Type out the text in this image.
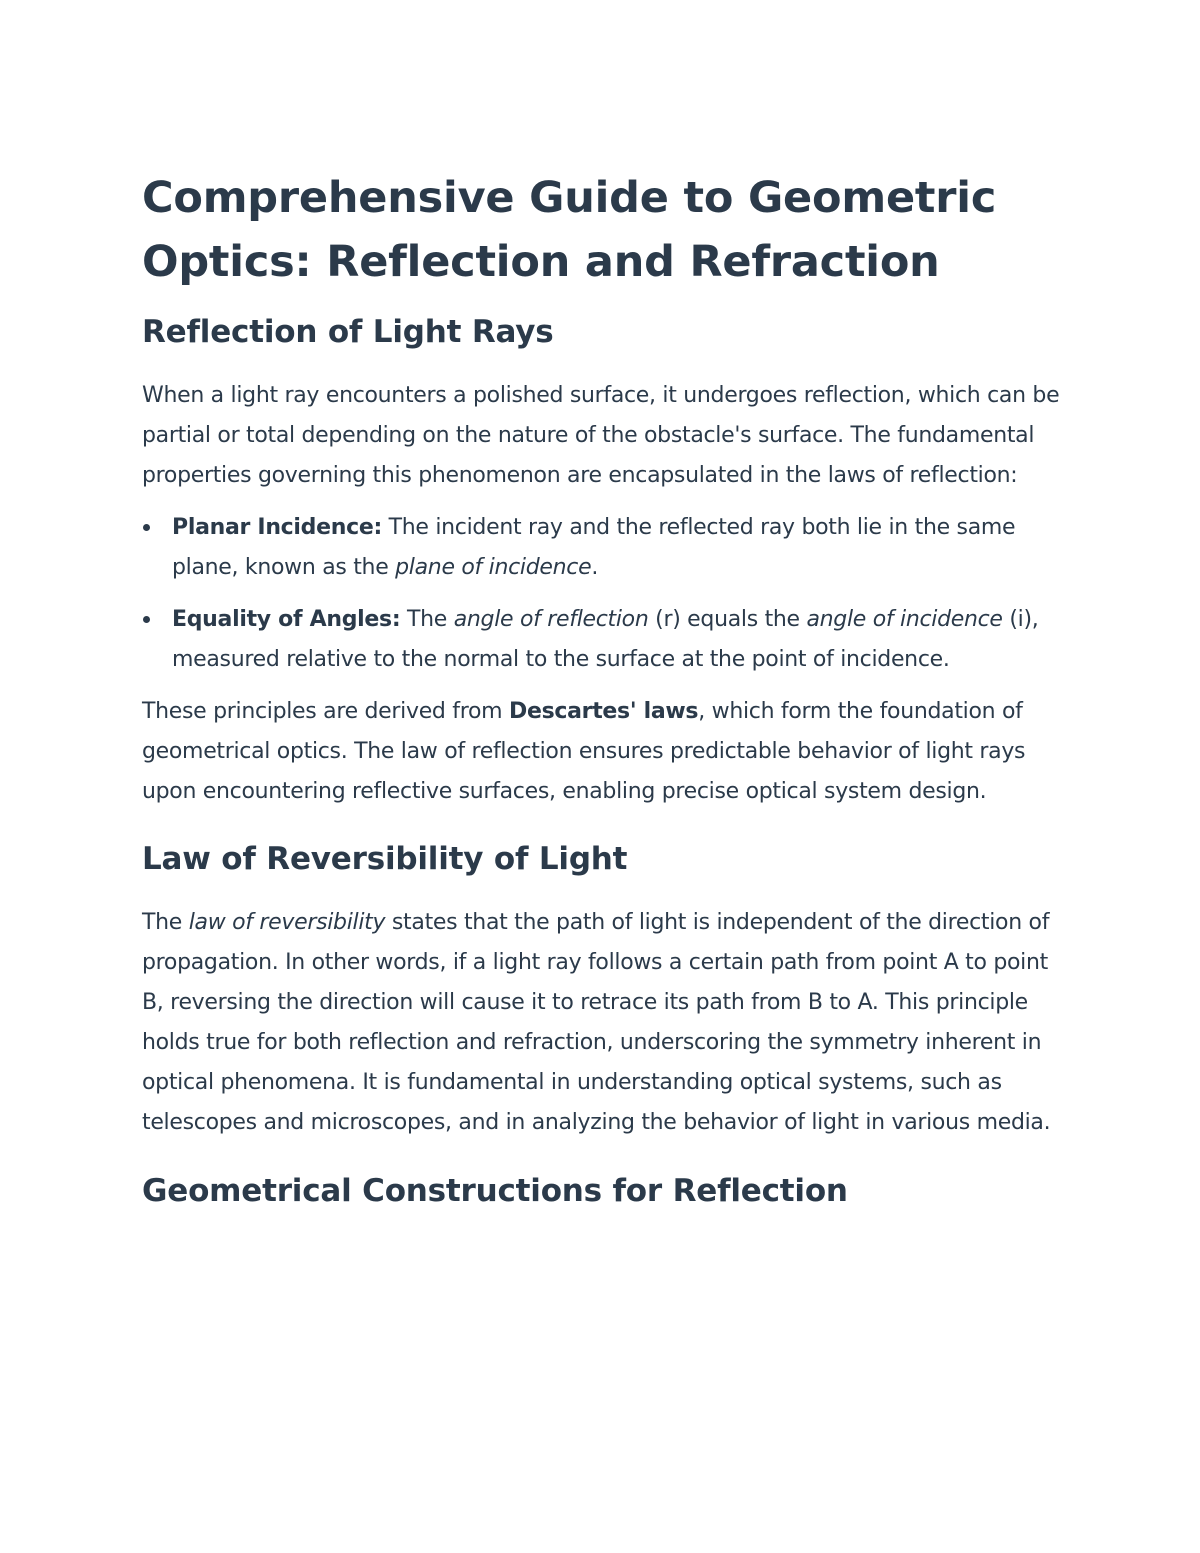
Comprehensive Guide to Geometric Optics: Reflection and Refraction
Reflection of Light Rays

When a light ray encounters a polished surface, it undergoes reflection, which can be partial or total depending on the nature of the obstacle's surface. The fundamental properties governing this phenomenon are encapsulated in the laws of reflection:

Planar Incidence: The incident ray and the reflected ray both lie in the same plane, known as the plane of incidence.
Equality of Angles: The angle of reflection (r) equals the angle of incidence (i), measured relative to the normal to the surface at the point of incidence.

These principles are derived from Descartes' laws, which form the foundation of geometrical optics. The law of reflection ensures predictable behavior of light rays upon encountering reflective surfaces, enabling precise optical system design.

Law of Reversibility of Light

The law of reversibility states that the path of light is independent of the direction of propagation. In other words, if a light ray follows a certain path from point A to point B, reversing the direction will cause it to retrace its path from B to A. This principle holds true for both reflection and refraction, underscoring the symmetry inherent in optical phenomena. It is fundamental in understanding optical systems, such as telescopes and microscopes, and in analyzing the behavior of light in various media.

Geometrical Constructions for Reflection
